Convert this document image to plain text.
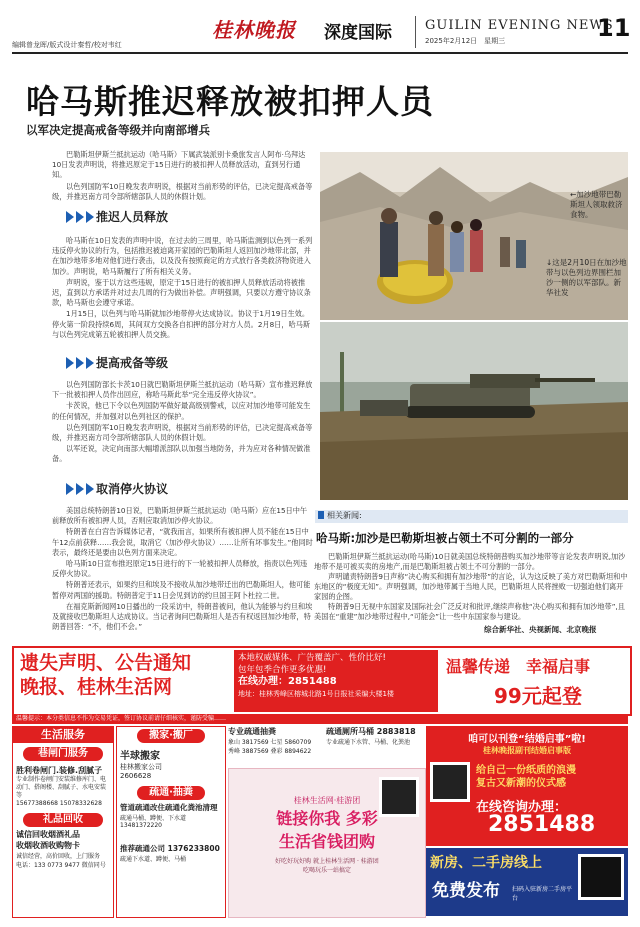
编辑曾龙晖/版式设计秦哲/校对韦红
桂林晚报 深度国际	GUILIN EVENING NEWS
2025年2月12日　星期三	11
哈马斯推迟释放被扣押人员
以军决定提高戒备等级并向南部增兵

巴勒斯坦伊斯兰抵抗运动（哈马斯）下属武装派别卡桑旅发言人阿布·乌拜达10日发表声明说，将推迟原定于15日进行的被扣押人员释放活动，直到另行通知。

以色列国防军10日晚发表声明说，根据对当前形势的评估，已决定提高戒备等级，并推迟南方司令部所辖部队人员的休假计划。

推迟人员释放

哈马斯在10日发表的声明中说，在过去的三周里，哈马斯监测到以色列一系列违反停火协议的行为，包括推迟被迫离开家园的巴勒斯坦人返回加沙地带北部，并在加沙地带多地对他们进行袭击，以及没有按照商定的方式放行各类救济物资进入加沙。声明说，哈马斯履行了所有相关义务。

声明说，鉴于以方这些违规，原定于15日进行的被扣押人员释放活动将被推迟，直到以方承诺并对过去几周的行为做出补偿。声明强调，只要以方遵守协议条款，哈马斯也会遵守承诺。

1月15日，以色列与哈马斯就加沙地带停火达成协议。协议于1月19日生效。停火第一阶段持续6周，其间双方交换各自扣押的部分对方人员。2月8日，哈马斯与以色列完成第五轮被扣押人员交换。

提高戒备等级

以色列国防部长卡茨10日就巴勒斯坦伊斯兰抵抗运动（哈马斯）宣布推迟释放下一批被扣押人员作出回应，称哈马斯此举“完全违反停火协议”。

卡茨说，他已下令以色列国防军做好最高级别警戒，以应对加沙地带可能发生的任何情况，并加强对以色列社区的保护。

以色列国防军10日晚发表声明说，根据对当前形势的评估，已决定提高戒备等级，并推迟南方司令部所辖部队人员的休假计划。

以军还说，决定向南部大幅增派部队以加强当地防务，并为应对各种情况做准备。

取消停火协议

美国总统特朗普10日说，巴勒斯坦伊斯兰抵抗运动（哈马斯）应在15日中午前释放所有被扣押人员，否则应取消加沙停火协议。

特朗普在白宫告诉媒体记者，“就我而言，如果所有被扣押人员不能在15日中午12点前获释……我会说，取消它（加沙停火协议）……让所有坏事发生。”他同时表示，最终还是要由以色列方面来决定。

哈马斯10日宣布推迟原定15日进行的下一轮被扣押人员释放，指责以色列违反停火协议。

特朗普还表示，如果约旦和埃及不接收从加沙地带迁出的巴勒斯坦人，他可能暂停对两国的援助。特朗普定于11日会见到访的约旦国王阿卜杜拉二世。

在福克斯新闻网10日播出的一段采访中，特朗普被问，他认为能够与约旦和埃及就接收巴勒斯坦人达成协议。当记者询问巴勒斯坦人是否有权返回加沙地带，特朗普回答：“不，他们不会。”

←加沙地带巴勒斯坦人领取救济食物。
↓这是2月10日在加沙地带与以色列边界围栏加沙一侧的以军部队。新华社发
相关新闻:
哈马斯:加沙是巴勒斯坦被占领土不可分割的一部分

巴勒斯坦伊斯兰抵抗运动(哈马斯)10日就美国总统特朗普购买加沙地带等言论发表声明说,加沙地带不是可被买卖的房地产,而是巴勒斯坦被占领土不可分割的一部分。

声明谴责特朗普9日声称“决心购买和拥有加沙地带”的言论，认为这反映了美方对巴勒斯坦和中东地区的“极度无知”。声明强调，加沙地带属于当地人民，巴勒斯坦人民将挫败一切强迫他们离开家园的企图。

特朗普9日无视中东国家及国际社会广泛反对和批评,继续声称他“决心购买和拥有加沙地带”,且美国在“重建”加沙地带过程中,“可能会”让一些中东国家参与建设。

综合新华社、央视新闻、北京晚报
遗失声明、公告通知
晚报、桂林生活网
本地权威媒体、广告覆盖广、性价比好!
包年包季合作更多优惠!
在线办理：2851488
地址：桂林秀峰区榕城北路1号日报社采编大楼1楼
温馨传递　幸福启事
99元起登
温馨提示：本分类信息不作为交易凭证，签订协议前请仔细核实，谨防受骗……
生活服务
巷闸门服务
胜利卷闸门.装修.刮腻子
专业制作卷闸门安装维修库门、电动门、搭阁楼、刮腻子、水电安装等
15677388668 15078332628
礼品回收
诚信回收烟酒礼品
收烟收酒收购物卡
诚信经营，高价回收，上门服务
电话：133 0773 9477 微信同号
搬家·搬厂
半球搬家
桂林搬家公司
2606628
疏通·抽粪
管道疏通改住疏通化粪池清理
疏通马桶、蹲便、下水道
13481372220
推荐疏通公司 1376233800
疏通下水道、蹲便、马桶
专业疏通抽粪
象山 3817569 七星 5860709
秀峰 3887569 叠彩 8894622
疏通厕所马桶 2883818
专业疏通下水管、马桶、化粪池
桂林生活网·桂游团
链接你我 多彩
生活省钱团购
好吃好玩好购 就上桂林生活网 · 桂游团
吃喝玩乐一站搞定
咱可以刊登“结婚启事”啦!
桂林晚报副刊结婚启事版
给自己一份纸质的浪漫
复古又新潮的仪式感
在线咨询办理：
2851488
新房、二手房线上
免费发布 扫码入驻新房二手房平台
